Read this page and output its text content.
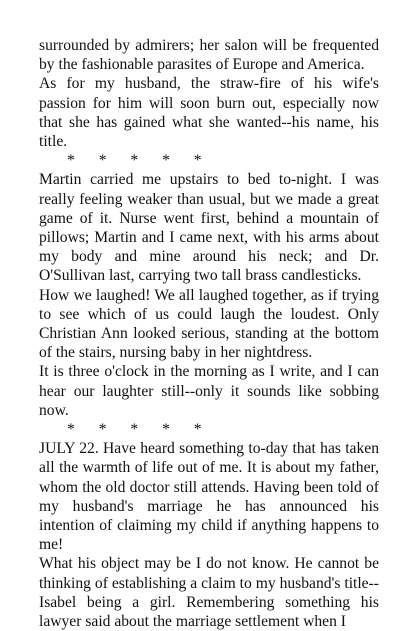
surrounded by admirers; her salon will be frequented by the fashionable parasites of Europe and America.

As for my husband, the straw-fire of his wife's passion for him will soon burn out, especially now that she has gained what she wanted--his name, his title.

* * * * *

Martin carried me upstairs to bed to-night. I was really feeling weaker than usual, but we made a great game of it. Nurse went first, behind a mountain of pillows; Martin and I came next, with his arms about my body and mine around his neck; and Dr. O'Sullivan last, carrying two tall brass candlesticks.

How we laughed! We all laughed together, as if trying to see which of us could laugh the loudest. Only Christian Ann looked serious, standing at the bottom of the stairs, nursing baby in her nightdress.

It is three o'clock in the morning as I write, and I can hear our laughter still--only it sounds like sobbing now.

* * * * *

JULY 22. Have heard something to-day that has taken all the warmth of life out of me. It is about my father, whom the old doctor still attends. Having been told of my husband's marriage he has announced his intention of claiming my child if anything happens to me!

What his object may be I do not know. He cannot be thinking of establishing a claim to my husband's title--Isabel being a girl. Remembering something his lawyer said about the marriage settlement when I
